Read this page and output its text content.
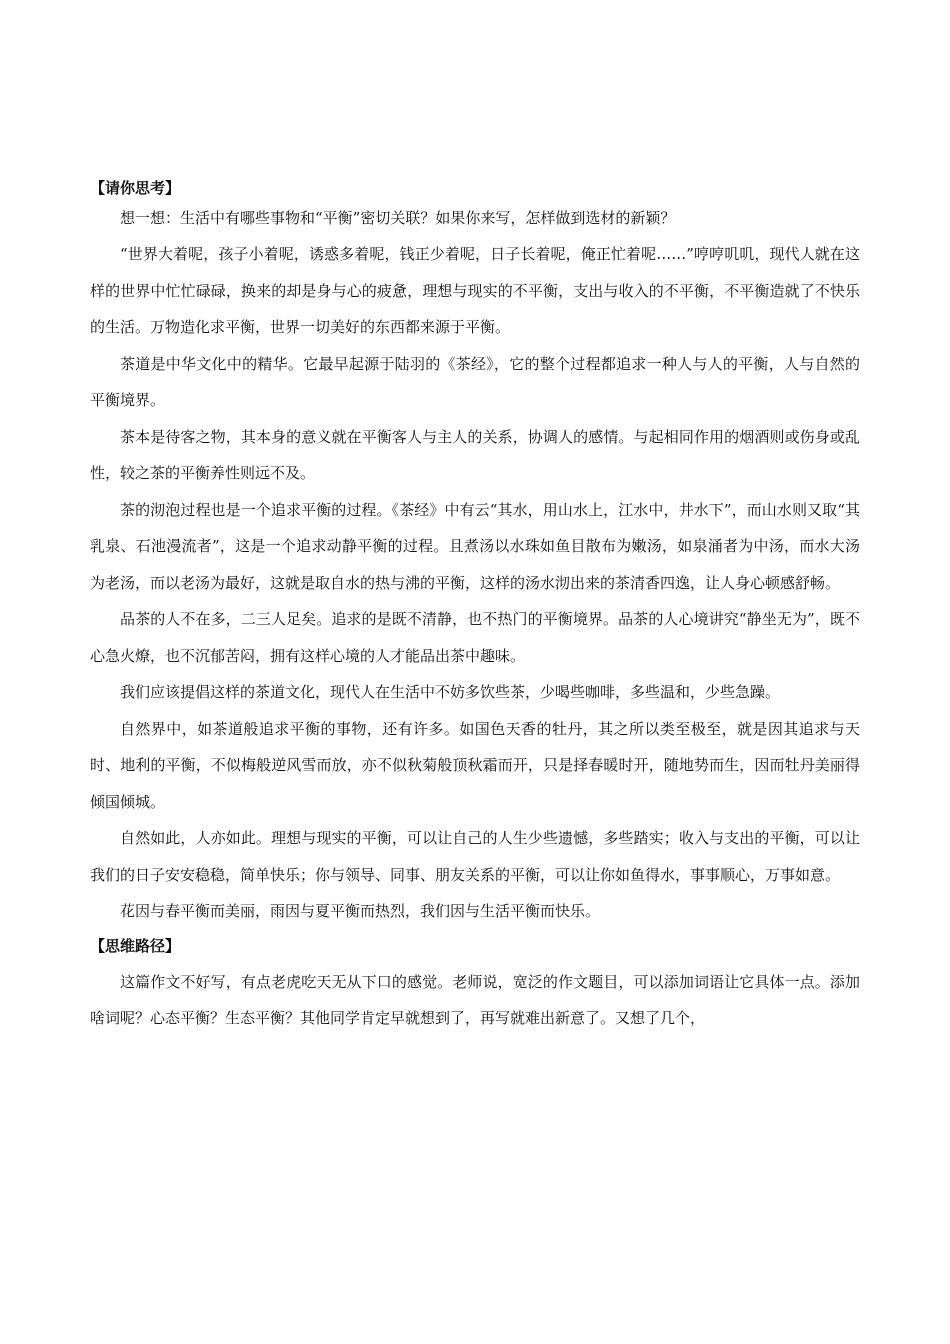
【请你思考】

想一想：生活中有哪些事物和“平衡”密切关联？如果你来写，怎样做到选材的新颖？

“世界大着呢，孩子小着呢，诱惑多着呢，钱正少着呢，日子长着呢，俺正忙着呢……”哼哼叽叽，现代人就在这样的世界中忙忙碌碌，换来的却是身与心的疲惫，理想与现实的不平衡，支出与收入的不平衡，不平衡造就了不快乐的生活。万物造化求平衡，世界一切美好的东西都来源于平衡。

茶道是中华文化中的精华。它最早起源于陆羽的《茶经》，它的整个过程都追求一种人与人的平衡，人与自然的平衡境界。

茶本是待客之物，其本身的意义就在平衡客人与主人的关系，协调人的感情。与起相同作用的烟酒则或伤身或乱性，较之茶的平衡养性则远不及。

茶的沏泡过程也是一个追求平衡的过程。《茶经》中有云“其水，用山水上，江水中，井水下”，而山水则又取“其乳泉、石池漫流者”，这是一个追求动静平衡的过程。且煮汤以水珠如鱼目散布为嫩汤，如泉涌者为中汤，而水大汤为老汤，而以老汤为最好，这就是取自水的热与沸的平衡，这样的汤水沏出来的茶清香四逸，让人身心顿感舒畅。

品茶的人不在多，二三人足矣。追求的是既不清静，也不热门的平衡境界。品茶的人心境讲究“静坐无为”，既不心急火燎，也不沉郁苦闷，拥有这样心境的人才能品出茶中趣味。

我们应该提倡这样的茶道文化，现代人在生活中不妨多饮些茶，少喝些咖啡，多些温和，少些急躁。

自然界中，如茶道般追求平衡的事物，还有许多。如国色天香的牡丹，其之所以类至极至，就是因其追求与天时、地利的平衡，不似梅般逆风雪而放，亦不似秋菊般顶秋霜而开，只是择春暖时开，随地势而生，因而牡丹美丽得倾国倾城。

自然如此，人亦如此。理想与现实的平衡，可以让自己的人生少些遗憾，多些踏实；收入与支出的平衡，可以让我们的日子安安稳稳，简单快乐；你与领导、同事、朋友关系的平衡，可以让你如鱼得水，事事顺心，万事如意。

花因与春平衡而美丽，雨因与夏平衡而热烈，我们因与生活平衡而快乐。

【思维路径】

这篇作文不好写，有点老虎吃天无从下口的感觉。老师说，宽泛的作文题目，可以添加词语让它具体一点。添加啥词呢？心态平衡？生态平衡？其他同学肯定早就想到了，再写就难出新意了。又想了几个，
